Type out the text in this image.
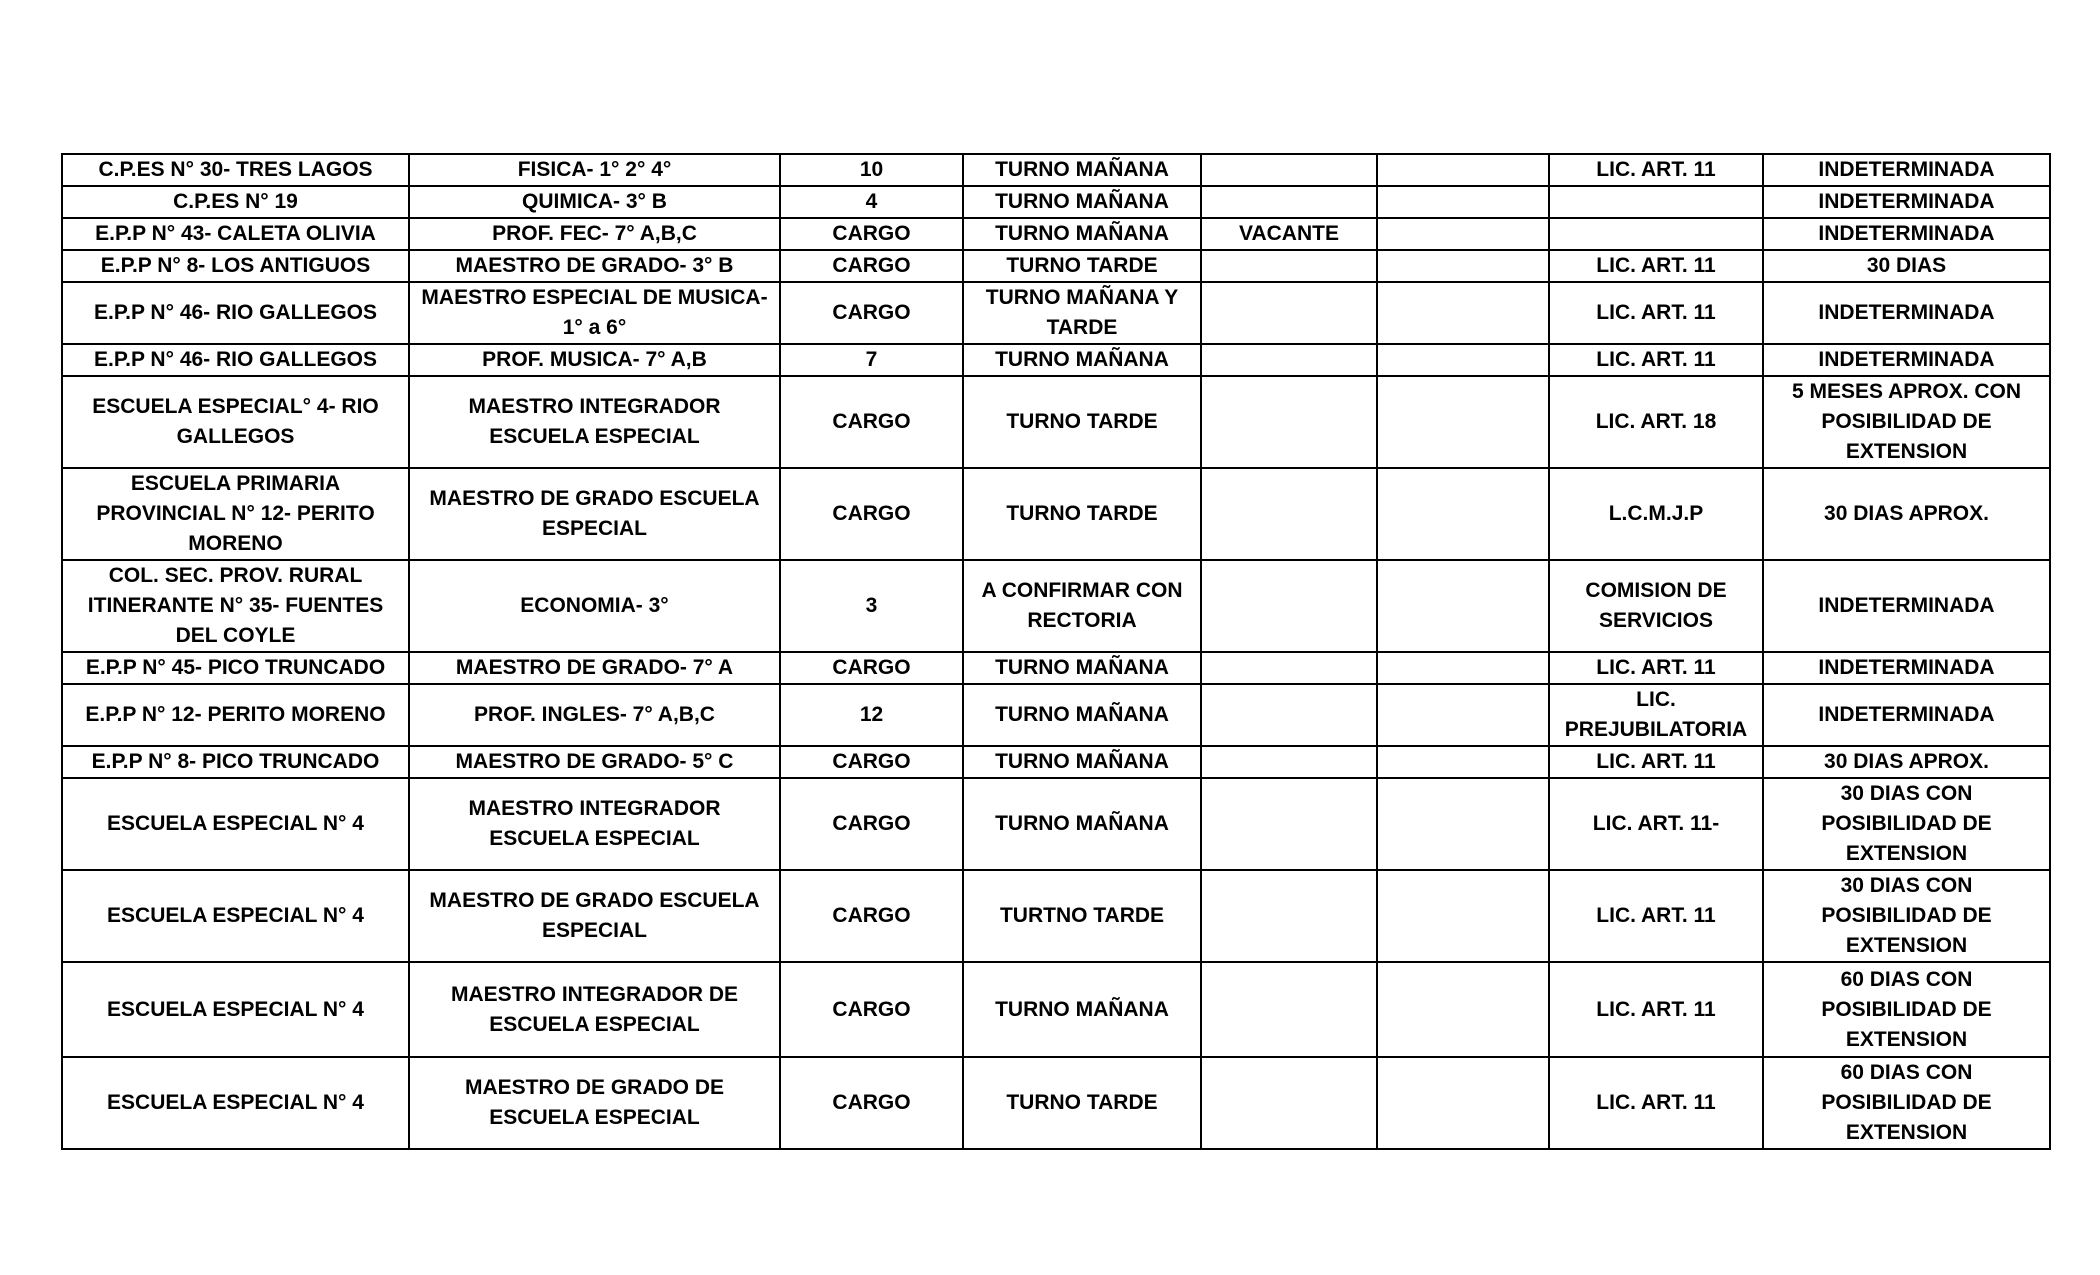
C.P.ES N° 30- TRES LAGOS	FISICA- 1° 2° 4°	10	TURNO MAÑANA			LIC. ART. 11	INDETERMINADA
C.P.ES N° 19	QUIMICA- 3° B	4	TURNO MAÑANA				INDETERMINADA
E.P.P N° 43- CALETA OLIVIA	PROF. FEC- 7° A,B,C	CARGO	TURNO MAÑANA	VACANTE			INDETERMINADA
E.P.P N° 8- LOS ANTIGUOS	MAESTRO DE GRADO- 3° B	CARGO	TURNO TARDE			LIC. ART. 11	30 DIAS
E.P.P N° 46- RIO GALLEGOS	MAESTRO ESPECIAL DE MUSICA- 1° a 6°	CARGO	TURNO MAÑANA Y TARDE			LIC. ART. 11	INDETERMINADA
E.P.P N° 46- RIO GALLEGOS	PROF. MUSICA- 7° A,B	7	TURNO MAÑANA			LIC. ART. 11	INDETERMINADA
ESCUELA ESPECIAL° 4- RIO GALLEGOS	MAESTRO INTEGRADOR ESCUELA ESPECIAL	CARGO	TURNO TARDE			LIC. ART. 18	5 MESES APROX. CON POSIBILIDAD DE EXTENSION
ESCUELA PRIMARIA PROVINCIAL N° 12- PERITO MORENO	MAESTRO DE GRADO ESCUELA ESPECIAL	CARGO	TURNO TARDE			L.C.M.J.P	30 DIAS APROX.
COL. SEC. PROV. RURAL ITINERANTE N° 35- FUENTES DEL COYLE	ECONOMIA- 3°	3	A CONFIRMAR CON RECTORIA			COMISION DE SERVICIOS	INDETERMINADA
E.P.P N° 45- PICO TRUNCADO	MAESTRO DE GRADO- 7° A	CARGO	TURNO MAÑANA			LIC. ART. 11	INDETERMINADA
E.P.P N° 12- PERITO MORENO	PROF. INGLES- 7° A,B,C	12	TURNO MAÑANA			LIC. PREJUBILATORIA	INDETERMINADA
E.P.P N° 8- PICO TRUNCADO	MAESTRO DE GRADO- 5° C	CARGO	TURNO MAÑANA			LIC. ART. 11	30 DIAS APROX.
ESCUELA ESPECIAL N° 4	MAESTRO INTEGRADOR ESCUELA ESPECIAL	CARGO	TURNO MAÑANA			LIC. ART. 11-	30 DIAS CON POSIBILIDAD DE EXTENSION
ESCUELA ESPECIAL N° 4	MAESTRO DE GRADO ESCUELA ESPECIAL	CARGO	TURTNO TARDE			LIC. ART. 11	30 DIAS CON POSIBILIDAD DE EXTENSION
ESCUELA ESPECIAL N° 4	MAESTRO INTEGRADOR DE ESCUELA ESPECIAL	CARGO	TURNO MAÑANA			LIC. ART. 11	60 DIAS CON POSIBILIDAD DE EXTENSION
ESCUELA ESPECIAL N° 4	MAESTRO DE GRADO DE ESCUELA ESPECIAL	CARGO	TURNO TARDE			LIC. ART. 11	60 DIAS CON POSIBILIDAD DE EXTENSION
